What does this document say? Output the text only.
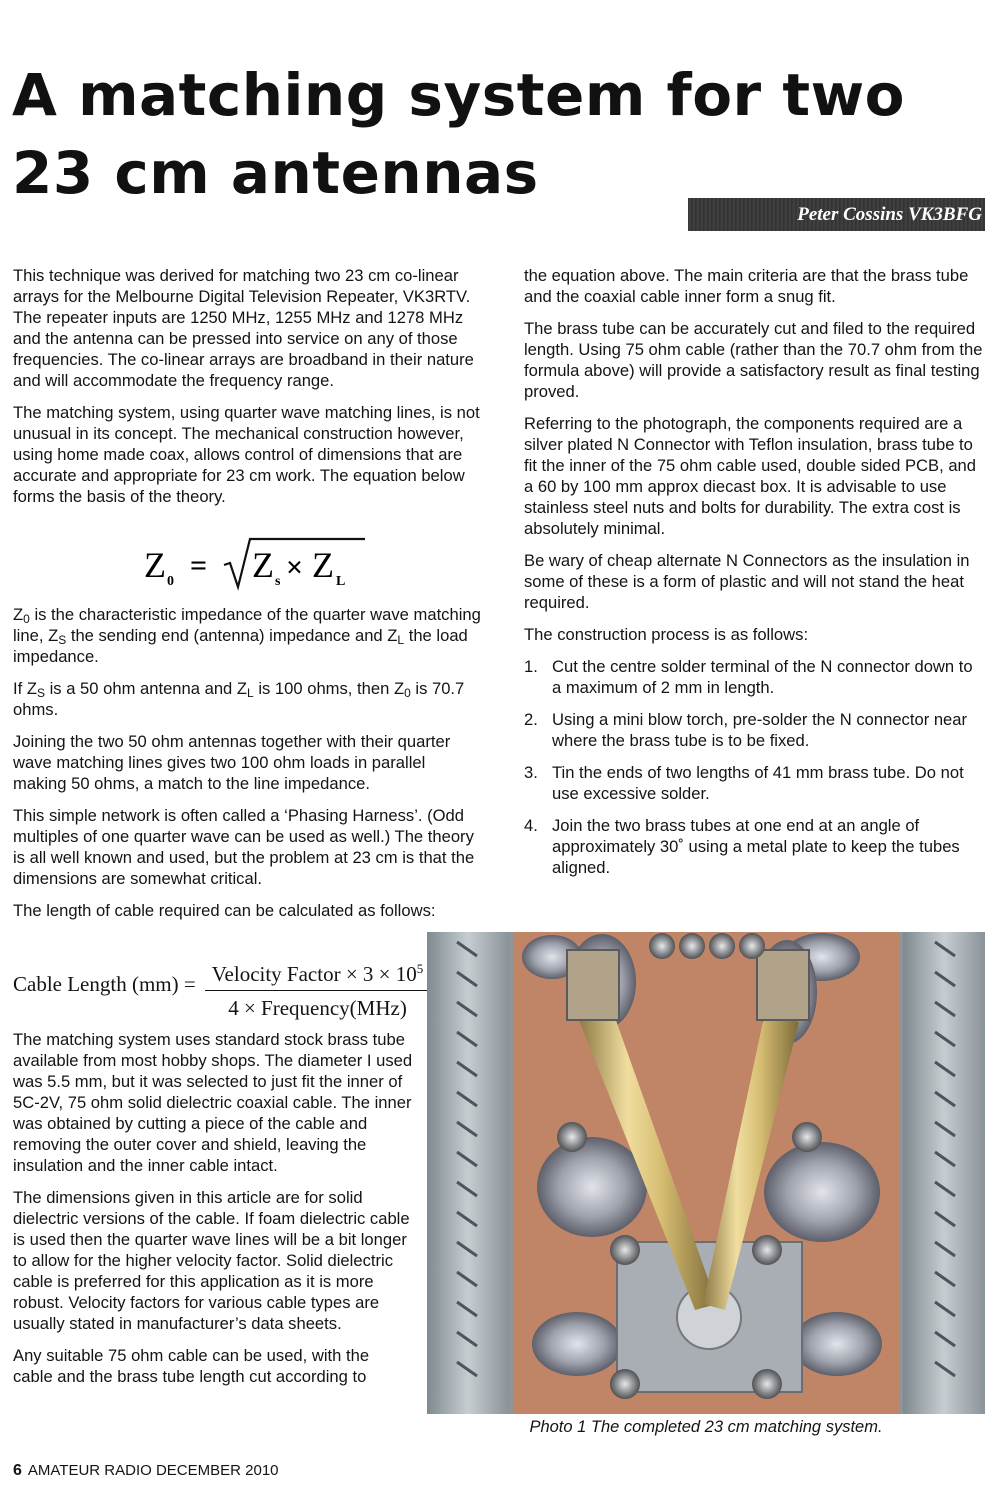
A matching system for two 23 cm antennas
Peter Cossins VK3BFG

This technique was derived for matching two 23 cm co-linear arrays for the Melbourne Digital Television Repeater, VK3RTV. The repeater inputs are 1250 MHz, 1255 MHz and 1278 MHz and the antenna can be pressed into service on any of those frequencies. The co-linear arrays are broadband in their nature and will accommodate the frequency range.

The matching system, using quarter wave matching lines, is not unusual in its concept. The mechanical construction however, using home made coax, allows control of dimensions that are accurate and appropriate for 23 cm work. The equation below forms the basis of the theory.

Z 0 = Z s × Z L

$Z_0$ is the characteristic impedance of the quarter wave matching line, $Z_S$ the sending end (antenna) impedance and $Z_L$ the load impedance.

If $Z_S$ is a 50 ohm antenna and $Z_L$ is 100 ohms, then $Z_0$ is 70.7 ohms.

Joining the two 50 ohm antennas together with their quarter wave matching lines gives two 100 ohm loads in parallel making 50 ohms, a match to the line impedance.

This simple network is often called a ‘Phasing Harness’. (Odd multiples of one quarter wave can be used as well.) The theory is all well known and used, but the problem at 23 cm is that the dimensions are somewhat critical.

The length of cable required can be calculated as follows:

Cable Length (mm) = Velocity Factor × $3 \times 10^5$
4 × Frequency(MHz)

The matching system uses standard stock brass tube available from most hobby shops. The diameter I used was 5.5 mm, but it was selected to just fit the inner of 5C-2V, 75 ohm solid dielectric coaxial cable. The inner was obtained by cutting a piece of the cable and removing the outer cover and shield, leaving the insulation and the inner cable intact.

The dimensions given in this article are for solid dielectric versions of the cable. If foam dielectric cable is used then the quarter wave lines will be a bit longer to allow for the higher velocity factor. Solid dielectric cable is preferred for this application as it is more robust. Velocity factors for various cable types are usually stated in manufacturer’s data sheets.

Any suitable 75 ohm cable can be used, with the cable and the brass tube length cut according to

the equation above. The main criteria are that the brass tube and the coaxial cable inner form a snug fit.

The brass tube can be accurately cut and filed to the required length. Using 75 ohm cable (rather than the 70.7 ohm from the formula above) will provide a satisfactory result as final testing proved.

Referring to the photograph, the components required are a silver plated N Connector with Teflon insulation, brass tube to fit the inner of the 75 ohm cable used, double sided PCB, and a 60 by 100 mm approx diecast box. It is advisable to use stainless steel nuts and bolts for durability. The extra cost is absolutely minimal.

Be wary of cheap alternate N Connectors as the insulation in some of these is a form of plastic and will not stand the heat required.

The construction process is as follows:

1. Cut the centre solder terminal of the N connector down to a maximum of 2 mm in length.
2. Using a mini blow torch, pre-solder the N connector near where the brass tube is to be fixed.
3. Tin the ends of two lengths of 41 mm brass tube. Do not use excessive solder.
4. Join the two brass tubes at one end at an angle of approximately 30˚ using a metal plate to keep the tubes aligned.
Photo 1 The completed 23 cm matching system.
6 AMATEUR RADIO DECEMBER 2010
